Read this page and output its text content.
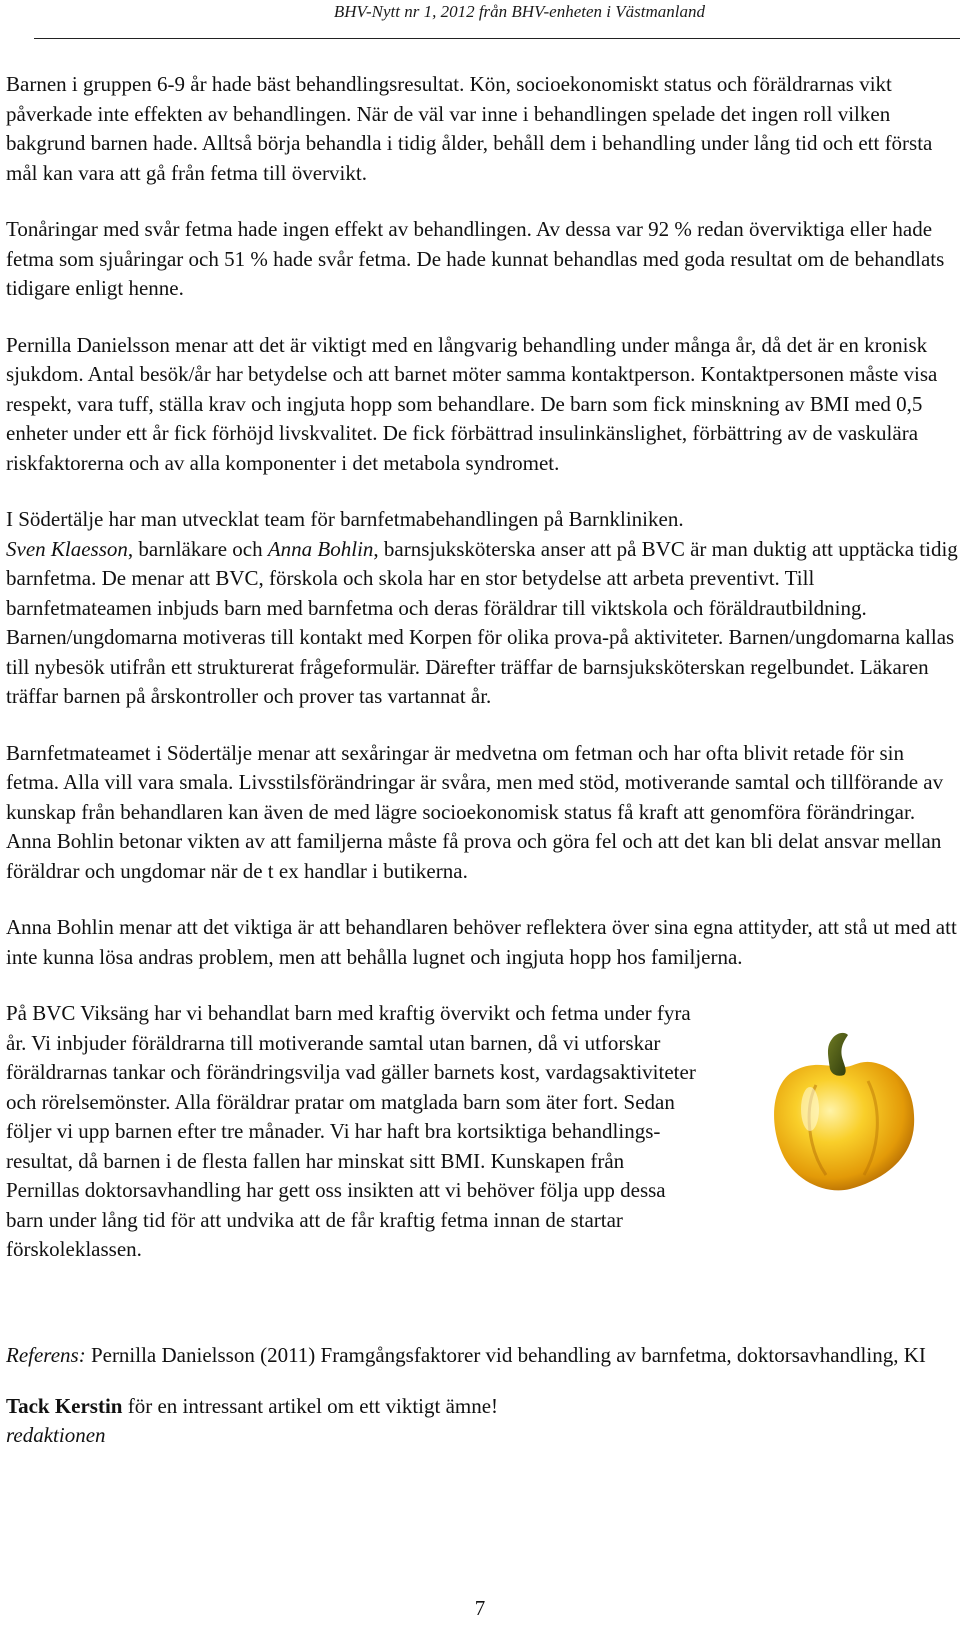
BHV-Nytt nr 1, 2012 från BHV-enheten i Västmanland

Barnen i gruppen 6-9 år hade bäst behandlingsresultat. Kön, socioekonomiskt status och föräldrarnas vikt påverkade inte effekten av behandlingen. När de väl var inne i behandlingen spelade det ingen roll vilken bakgrund barnen hade. Alltså börja behandla i tidig ålder, behåll dem i behandling under lång tid och ett första mål kan vara att gå från fetma till övervikt.

Tonåringar med svår fetma hade ingen effekt av behandlingen. Av dessa var 92 % redan överviktiga eller hade fetma som sjuåringar och 51 % hade svår fetma. De hade kunnat behandlas med goda resultat om de behandlats tidigare enligt henne.

Pernilla Danielsson menar att det är viktigt med en långvarig behandling under många år, då det är en kronisk sjukdom. Antal besök/år har betydelse och att barnet möter samma kontaktperson. Kontaktpersonen måste visa respekt, vara tuff, ställa krav och ingjuta hopp som behandlare. De barn som fick minskning av BMI med 0,5 enheter under ett år fick förhöjd livskvalitet. De fick förbättrad insulinkänslighet, förbättring av de vaskulära riskfaktorerna och av alla komponenter i det metabola syndromet.

I Södertälje har man utvecklat team för barnfetmabehandlingen på Barnkliniken.
Sven Klaesson, barnläkare och Anna Bohlin, barnsjuksköterska anser att på BVC är man duktig att upptäcka tidig barnfetma. De menar att BVC, förskola och skola har en stor betydelse att arbeta preventivt. Till barnfetmateamen inbjuds barn med barnfetma och deras föräldrar till viktskola och föräldrautbildning. Barnen/ungdomarna motiveras till kontakt med Korpen för olika prova-på aktiviteter. Barnen/ungdomarna kallas till nybesök utifrån ett strukturerat frågeformulär. Därefter träffar de barnsjuksköterskan regelbundet. Läkaren träffar barnen på årskontroller och prover tas vartannat år.

Barnfetmateamet i Södertälje menar att sexåringar är medvetna om fetman och har ofta blivit retade för sin fetma. Alla vill vara smala. Livsstilsförändringar är svåra, men med stöd, motiverande samtal och tillförande av kunskap från behandlaren kan även de med lägre socioekonomisk status få kraft att genomföra förändringar. Anna Bohlin betonar vikten av att familjerna måste få prova och göra fel och att det kan bli delat ansvar mellan föräldrar och ungdomar när de t ex handlar i butikerna.

Anna Bohlin menar att det viktiga är att behandlaren behöver reflektera över sina egna attityder, att stå ut med att inte kunna lösa andras problem, men att behålla lugnet och ingjuta hopp hos familjerna.

På BVC Viksäng har vi behandlat barn med kraftig övervikt och fetma under fyra år. Vi inbjuder föräldrarna till motiverande samtal utan barnen, då vi utforskar föräldrarnas tankar och förändringsvilja vad gäller barnets kost, vardagsaktiviteter och rörelsemönster. Alla föräldrar pratar om matglada barn som äter fort. Sedan följer vi upp barnen efter tre månader. Vi har haft bra kortsiktiga behandlings-resultat, då barnen i de flesta fallen har minskat sitt BMI. Kunskapen från Pernillas doktorsavhandling har gett oss insikten att vi behöver följa upp dessa barn under lång tid för att undvika att de får kraftig fetma innan de startar förskoleklassen.

Referens: Pernilla Danielsson (2011) Framgångsfaktorer vid behandling av barnfetma, doktorsavhandling, KI

Tack Kerstin för en intressant artikel om ett viktigt ämne!
redaktionen

7
